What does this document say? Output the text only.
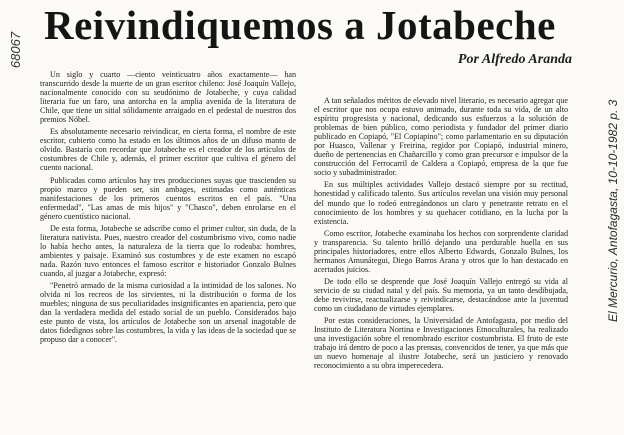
Reivindiquemos a Jotabeche
Por Alfredo Aranda
68067

Un siglo y cuarto —ciento veinticuatro años exactamente— han transcurrido desde la muerte de un gran escritor chileno: José Joaquín Vallejo, nacionalmente conocido con su seudónimo de Jotabeche, y cuya calidad literaria fue un faro, una antorcha en la amplia avenida de la literatura de Chile, que tiene un sitial sólidamente arraigado en el pedestal de nuestros dos premios Nóbel.

Es absolutamente necesario reivindicar, en cierta forma, el nombre de este escritor, cubierto como ha estado en los últimos años de un difuso manto de olvido. Bastaría con recordar que Jotabeche es el creador de los artículos de costumbres de Chile y, además, el primer escritor que cultiva el género del cuento nacional.

Publicadas como artículos hay tres producciones suyas que trascienden su propio marco y pueden ser, sin ambages, estimadas como auténticas manifestaciones de los primeros cuentos escritos en el país. "Una enfermedad", "Las amas de mis hijos" y "Chasco", deben enrolarse en el género cuentístico nacional.

De esta forma, Jotabeche se adscribe como el primer cultor, sin duda, de la literatura nativista. Pues, nuestro creador del costumbrismo vivo, como nadie lo había hecho antes, la naturaleza de la tierra que lo rodeaba: hombres, ambientes y paisaje. Examinó sus costumbres y de este examen no escapó nada. Razón tuvo entonces el famoso escritor e historiador Gonzalo Bulnes cuando, al juzgar a Jotabeche, expresó:

"Penetró armado de la misma curiosidad a la intimidad de los salones. No olvida ni los recreos de los sirvientes, ni la distribución o forma de los muebles; ninguna de sus peculiaridades insignificantes en apariencia, pero que dan la verdadera medida del estado social de un pueblo. Considerados bajo este punto de vista, los artículos de Jotabeche son un arsenal inagotable de datos fidedignos sobre las costumbres, la vida y las ideas de la sociedad que se propuso dar a conocer".

A tan señalados méritos de elevado nivel literario, es necesario agregar que el escritor que nos ocupa estuvo animado, durante toda su vida, de un alto espíritu progresista y nacional, dedicando sus esfuerzos a la solución de problemas de bien público, como periodista y fundador del primer diario publicado en Copiapó, "El Copiapino"; como parlamentario en su diputación por Huasco, Vallenar y Freirina, regidor por Copiapó, industrial minero, dueño de pertenencias en Chañarcillo y como gran precursor e impulsor de la construcción del Ferrocarril de Caldera a Copiapó, empresa de la que fue socio y subadministrador.

En sus múltiples actividades Vallejo destacó siempre por su rectitud, honestidad y calificado talento. Sus artículos revelan una visión muy personal del mundo que lo rodeó entregándonos un claro y penetrante retrato en el conocimiento de los hombres y su quehacer cotidiano, en la lucha por la existencia.

Como escritor, Jotabeche examinaba los hechos con sorprendente claridad y transparencia. Su talento brilló dejando una perdurable huella en sus principales historiadores, entre ellos Alberto Edwards, Gonzalo Bulnes, los hermanos Amunátegui, Diego Barros Arana y otros que lo han destacado en acertados juicios.

De todo ello se desprende que José Joaquín Vallejo entregó su vida al servicio de su ciudad natal y del país. Su memoria, ya un tanto desdibujada, debe revivirse, reactualizarse y reivindicarse, destacándose ante la juventud como un ciudadano de virtudes ejemplares.

Por estas consideraciones, la Universidad de Antofagasta, por medio del Instituto de Literatura Nortina e Investigaciones Etnoculturales, ha realizado una investigación sobre el renombrado escritor costumbrista. El fruto de este trabajo irá dentro de poco a las prensas, convencidos de tener, ya que más que un nuevo homenaje al ilustre Jotabeche, será un justiciero y renovado reconocimiento a su obra imperecedera.

El Mercurio, Antofagasta, 10-10-1982 p. 3
